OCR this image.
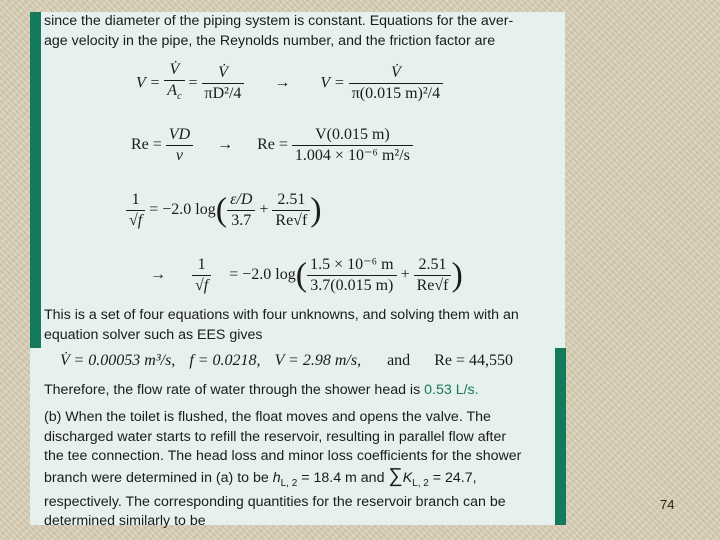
since the diameter of the piping system is constant. Equations for the aver-
age velocity in the pipe, the Reynolds number, and the friction factor are
$V = \frac{V̇}{A_c} = \frac{V̇}{\text{πD²/4}} \to V = \frac{V̇}{\text{π(0.015 m)²/4}}$
$Re = \frac{VD}{\nu} \to Re = \frac{V(0.015 m)}{\text{1.004 × 10⁻⁶ m²/s}}$
$\frac{1}{√f} = -2.0$ $\log( \frac{\varepsilon/D}{3.7} + \frac{2.51}{Re√f}$ )
→ $\frac{1}{√f} = -2.0$ $\log( \frac{\text{1.5 × 10⁻⁶ m}}{3.7(0.015 m)} + \frac{2.51}{Re√f}$ )
This is a set of four equations with four unknowns, and solving them with an
equation solver such as EES gives
V̇ = 0.00053 m³/s, f = 0.0218, V = 2.98 m/s, and Re = 44,550
Therefore, the flow rate of water through the shower head is 0.53 L/s.
(b) When the toilet is flushed, the float moves and opens the valve. The
discharged water starts to refill the reservoir, resulting in parallel flow after
the tee connection. The head loss and minor loss coefficients for the shower
branch were determined in (a) to be $h_{L, 2} = 18.4$ m and $\sum K_{L, 2} = 24.7$,
respectively. The corresponding quantities for the reservoir branch can be
determined similarly to be
74
